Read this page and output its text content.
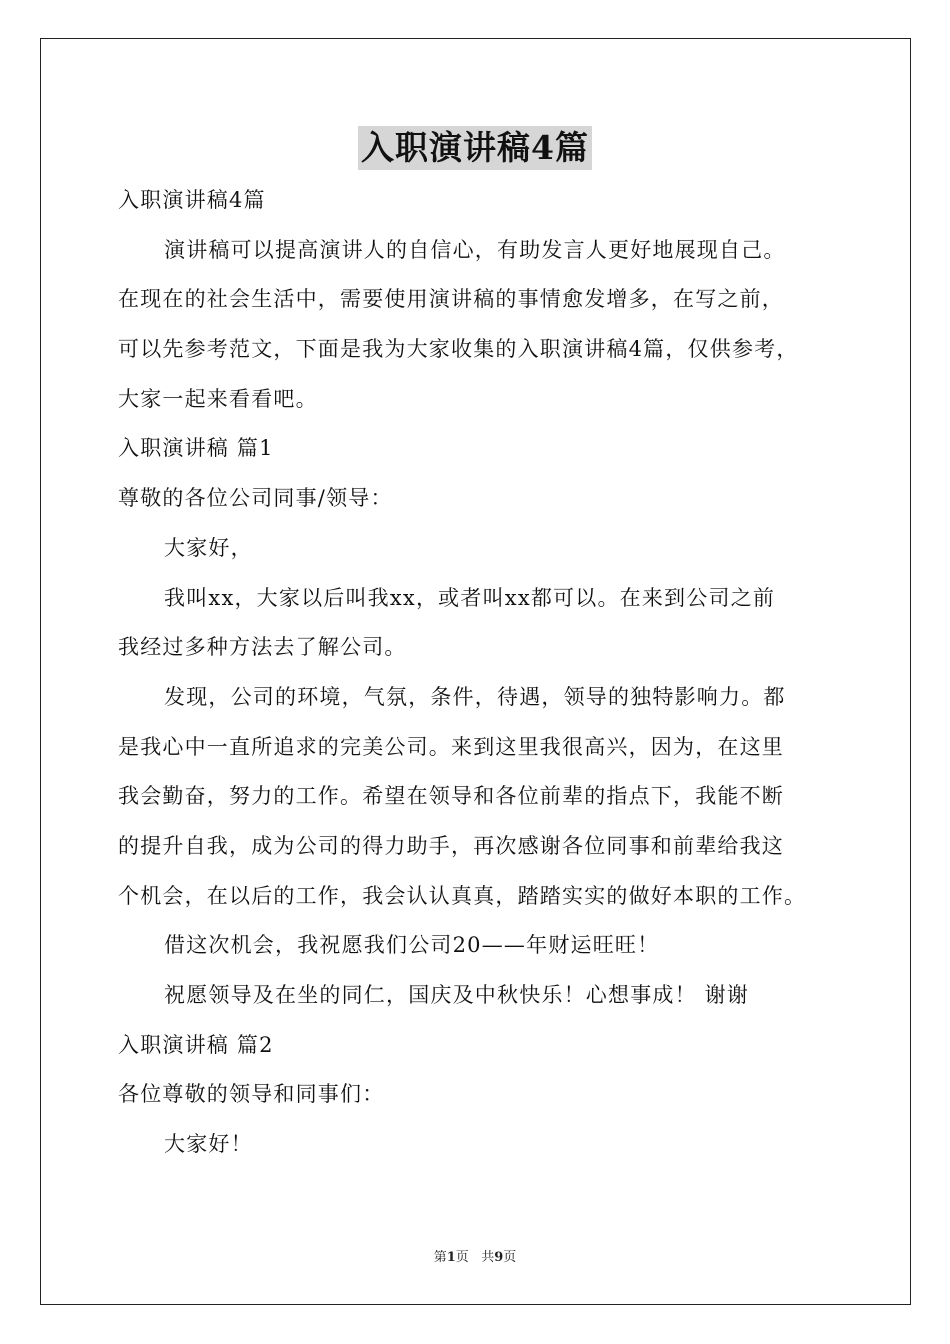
入职演讲稿4篇
入职演讲稿4篇
演讲稿可以提高演讲人的自信心，有助发言人更好地展现自己。
在现在的社会生活中，需要使用演讲稿的事情愈发增多，在写之前，
可以先参考范文，下面是我为大家收集的入职演讲稿4篇，仅供参考，
大家一起来看看吧。
入职演讲稿 篇1
尊敬的各位公司同事/领导：
大家好，
我叫xx，大家以后叫我xx，或者叫xx都可以。在来到公司之前
我经过多种方法去了解公司。
发现，公司的环境，气氛，条件，待遇，领导的独特影响力。都
是我心中一直所追求的完美公司。来到这里我很高兴，因为，在这里
我会勤奋，努力的工作。希望在领导和各位前辈的指点下，我能不断
的提升自我，成为公司的得力助手，再次感谢各位同事和前辈给我这
个机会，在以后的工作，我会认认真真，踏踏实实的做好本职的工作。
借这次机会，我祝愿我们公司20——年财运旺旺！
祝愿领导及在坐的同仁，国庆及中秋快乐！心想事成！ 谢谢
入职演讲稿 篇2
各位尊敬的领导和同事们：
大家好！
第1页 共9页
